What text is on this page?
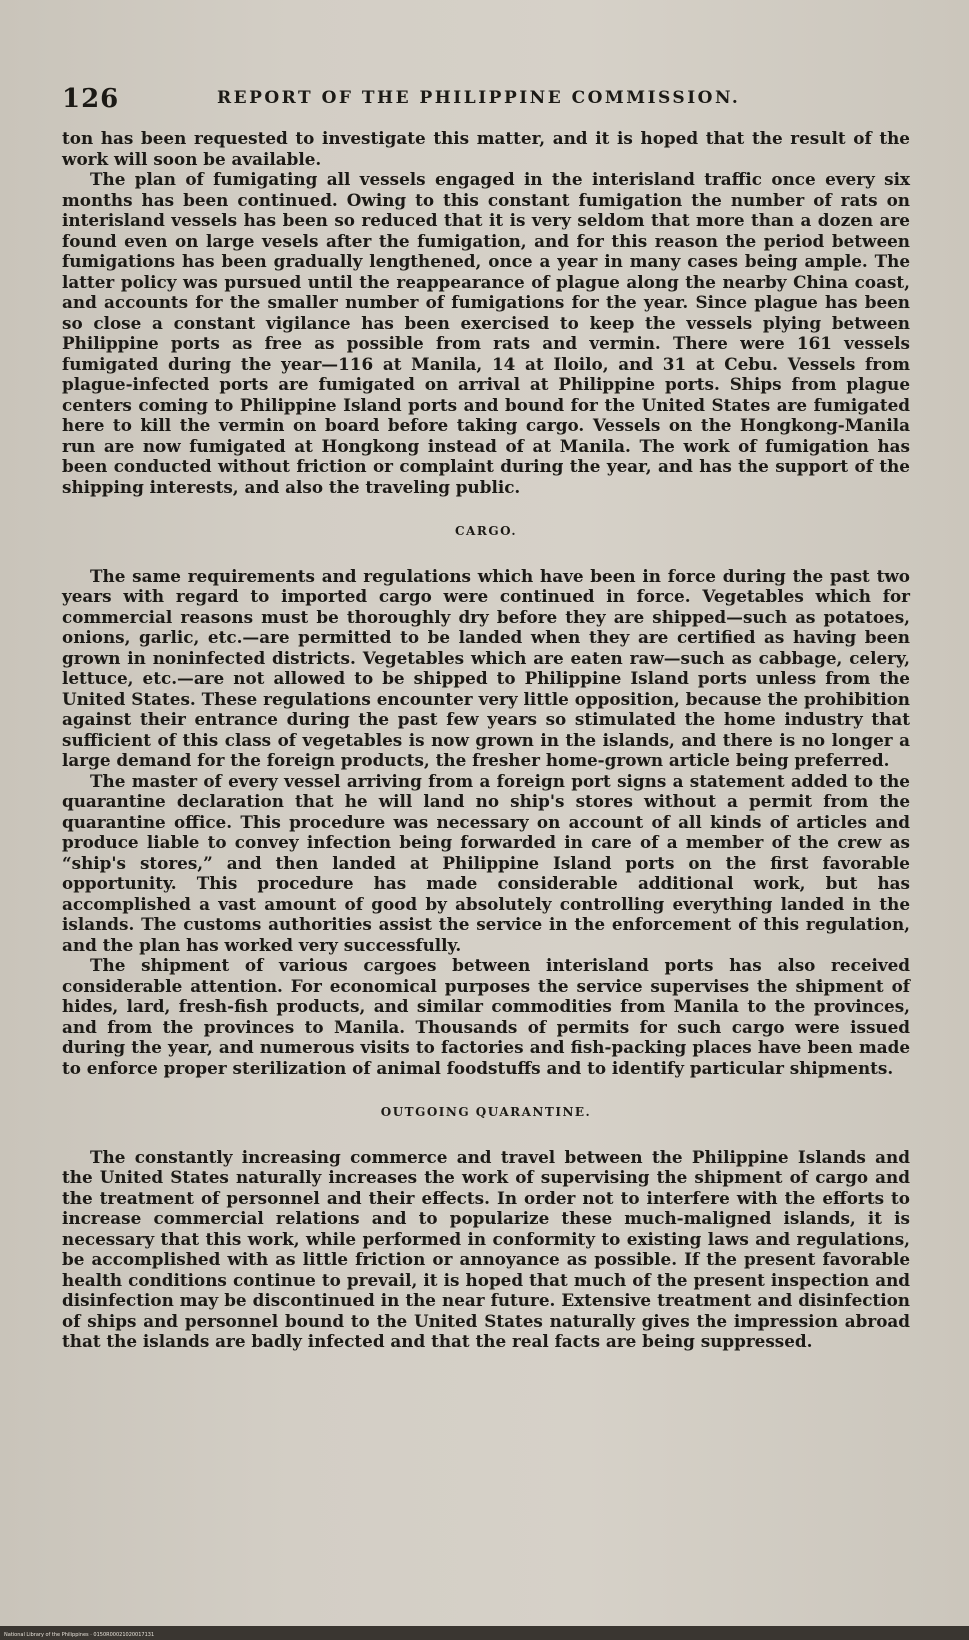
126	REPORT OF THE PHILIPPINE COMMISSION.

ton has been requested to investigate this matter, and it is hoped that the result of the work will soon be available.

The plan of fumigating all vessels engaged in the interisland traffic once every six months has been continued. Owing to this constant fumigation the number of rats on interisland vessels has been so reduced that it is very seldom that more than a dozen are found even on large vesels after the fumigation, and for this reason the period between fumigations has been gradually lengthened, once a year in many cases being ample. The latter policy was pursued until the reappearance of plague along the nearby China coast, and accounts for the smaller number of fumigations for the year. Since plague has been so close a constant vigilance has been exercised to keep the vessels plying between Philippine ports as free as possible from rats and vermin. There were 161 vessels fumigated during the year—116 at Manila, 14 at Iloilo, and 31 at Cebu. Vessels from plague-infected ports are fumigated on arrival at Philippine ports. Ships from plague centers coming to Philippine Island ports and bound for the United States are fumigated here to kill the vermin on board before taking cargo. Vessels on the Hongkong-Manila run are now fumigated at Hongkong instead of at Manila. The work of fumigation has been conducted without friction or complaint during the year, and has the support of the shipping interests, and also the traveling public.

CARGO.

The same requirements and regulations which have been in force during the past two years with regard to imported cargo were continued in force. Vegetables which for commercial reasons must be thoroughly dry before they are shipped—such as potatoes, onions, garlic, etc.—are permitted to be landed when they are certified as having been grown in noninfected districts. Vegetables which are eaten raw—such as cabbage, celery, lettuce, etc.—are not allowed to be shipped to Philippine Island ports unless from the United States. These regulations encounter very little opposition, because the prohibition against their entrance during the past few years so stimulated the home industry that sufficient of this class of vegetables is now grown in the islands, and there is no longer a large demand for the foreign products, the fresher home-grown article being preferred.

The master of every vessel arriving from a foreign port signs a statement added to the quarantine declaration that he will land no ship's stores without a permit from the quarantine office. This procedure was necessary on account of all kinds of articles and produce liable to convey infection being forwarded in care of a member of the crew as “ship's stores,” and then landed at Philippine Island ports on the first favorable opportunity. This procedure has made considerable additional work, but has accomplished a vast amount of good by absolutely controlling everything landed in the islands. The customs authorities assist the service in the enforcement of this regulation, and the plan has worked very successfully.

The shipment of various cargoes between interisland ports has also received considerable attention. For economical purposes the service supervises the shipment of hides, lard, fresh-fish products, and similar commodities from Manila to the provinces, and from the provinces to Manila. Thousands of permits for such cargo were issued during the year, and numerous visits to factories and fish-packing places have been made to enforce proper sterilization of animal foodstuffs and to identify particular shipments.

OUTGOING QUARANTINE.

The constantly increasing commerce and travel between the Philippine Islands and the United States naturally increases the work of supervising the shipment of cargo and the treatment of personnel and their effects. In order not to interfere with the efforts to increase commercial relations and to popularize these much-maligned islands, it is necessary that this work, while performed in conformity to existing laws and regulations, be accomplished with as little friction or annoyance as possible. If the present favorable health conditions continue to prevail, it is hoped that much of the present inspection and disinfection may be discontinued in the near future. Extensive treatment and disinfection of ships and personnel bound to the United States naturally gives the impression abroad that the islands are badly infected and that the real facts are being suppressed.

National Library of the Philippines · 0150R00021020017131
